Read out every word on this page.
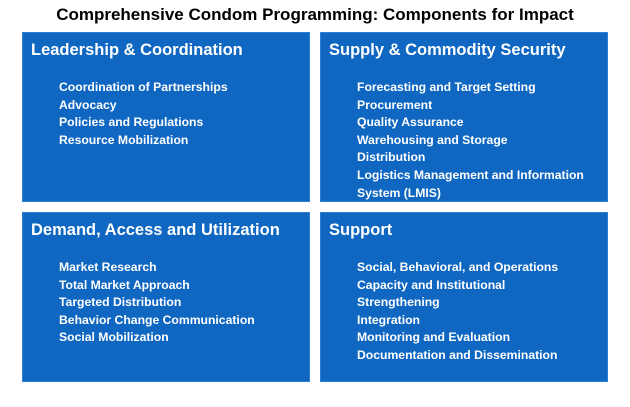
Comprehensive Condom Programming: Components for Impact
Leadership & Coordination
Coordination of Partnerships
Advocacy
Policies and Regulations
Resource Mobilization
Supply & Commodity Security
Forecasting and Target Setting
Procurement
Quality Assurance
Warehousing and Storage
Distribution
Logistics Management and Information
System (LMIS)
Demand, Access and Utilization
Market Research
Total Market Approach
Targeted Distribution
Behavior Change Communication
Social Mobilization
Support
Social, Behavioral, and Operations
Capacity and Institutional
Strengthening
Integration
Monitoring and Evaluation
Documentation and Dissemination
